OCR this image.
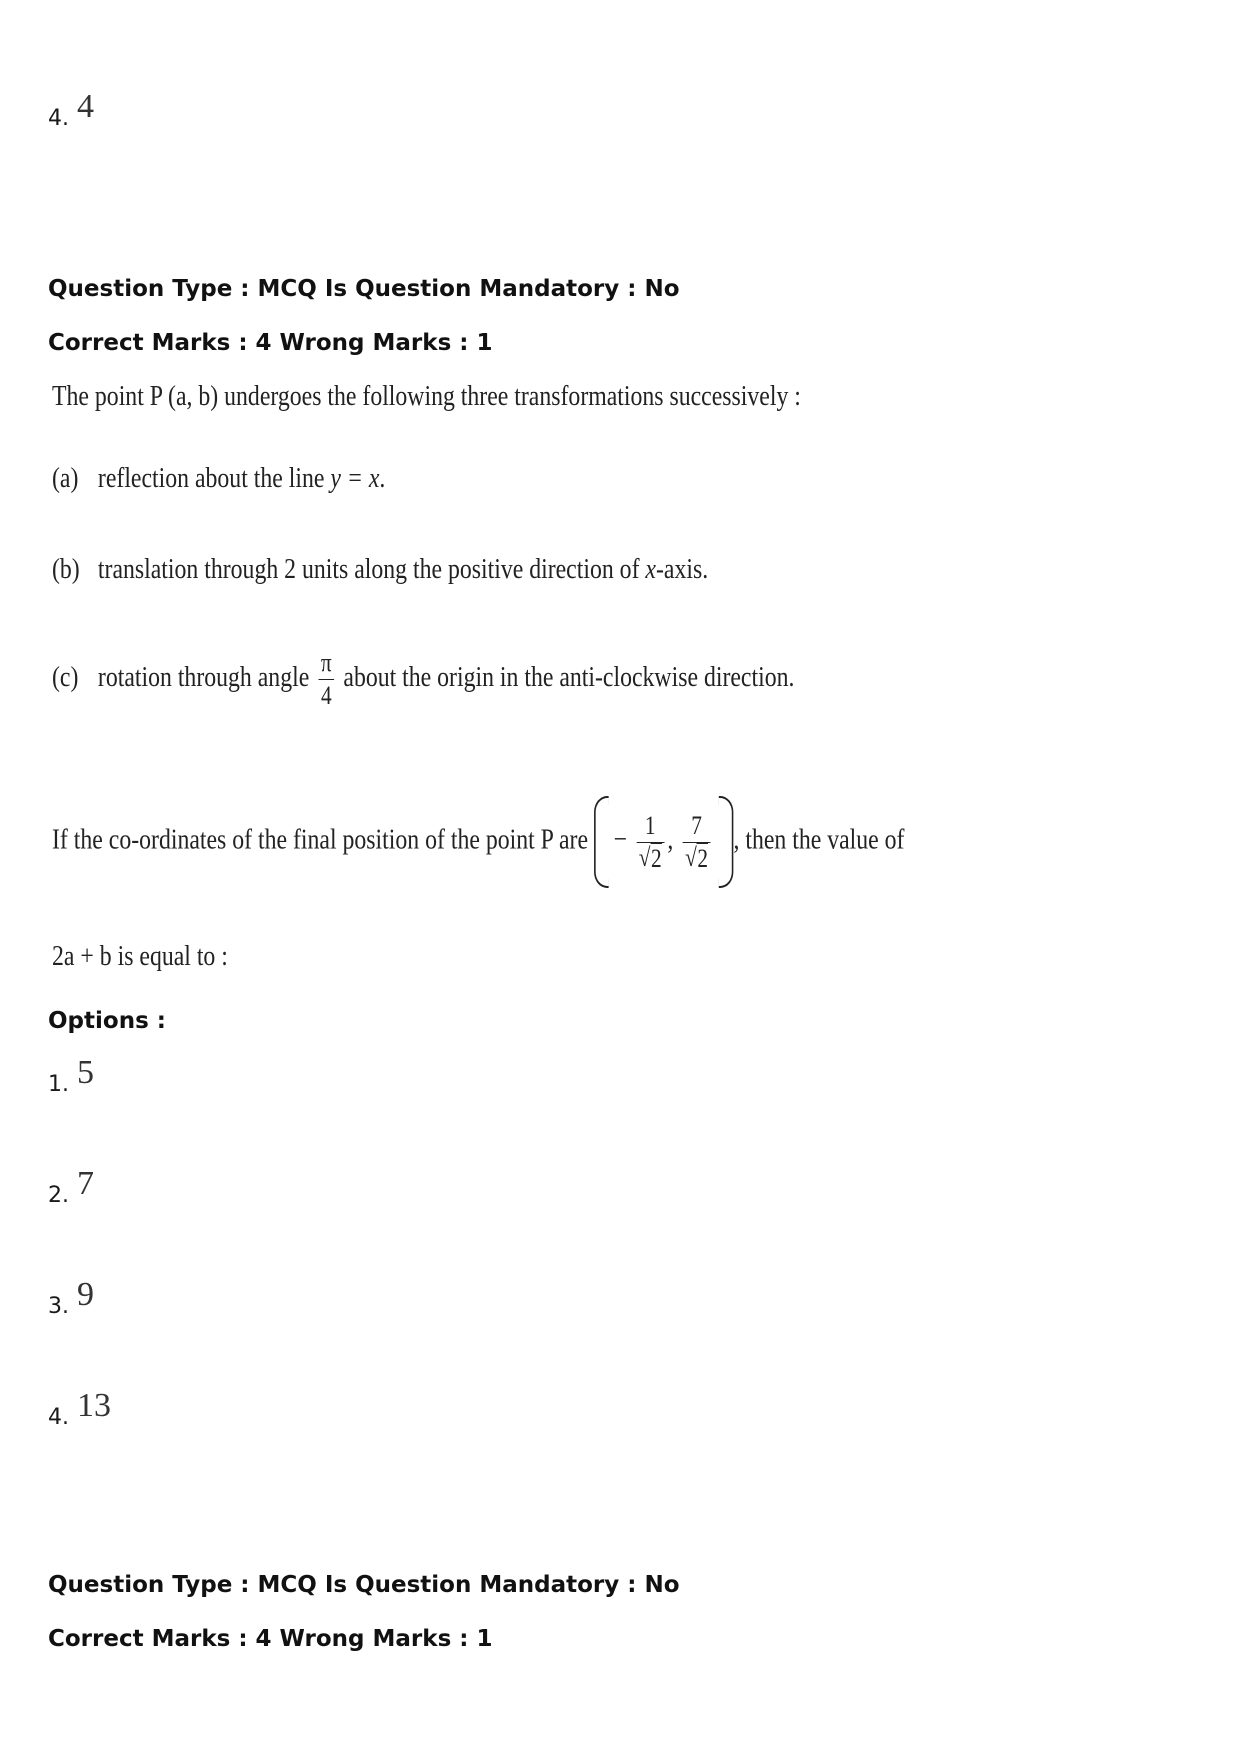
4. 4
Question Type : MCQ Is Question Mandatory : No
Correct Marks : 4 Wrong Marks : 1
The point P (a, b) undergoes the following three transformations successively :
(a) reflection about the line y = x.
(b) translation through 2 units along the positive direction of x-axis.
(c) rotation through angle $\frac{\pi}{4}$ about the origin in the anti-clockwise direction.
If the co-ordinates of the final position of the point P are − 1
√ 2 , 7
√ 2 , then the value of
2a + b is equal to :
Options :
1. 5
2. 7
3. 9
4. 13
Question Type : MCQ Is Question Mandatory : No
Correct Marks : 4 Wrong Marks : 1
